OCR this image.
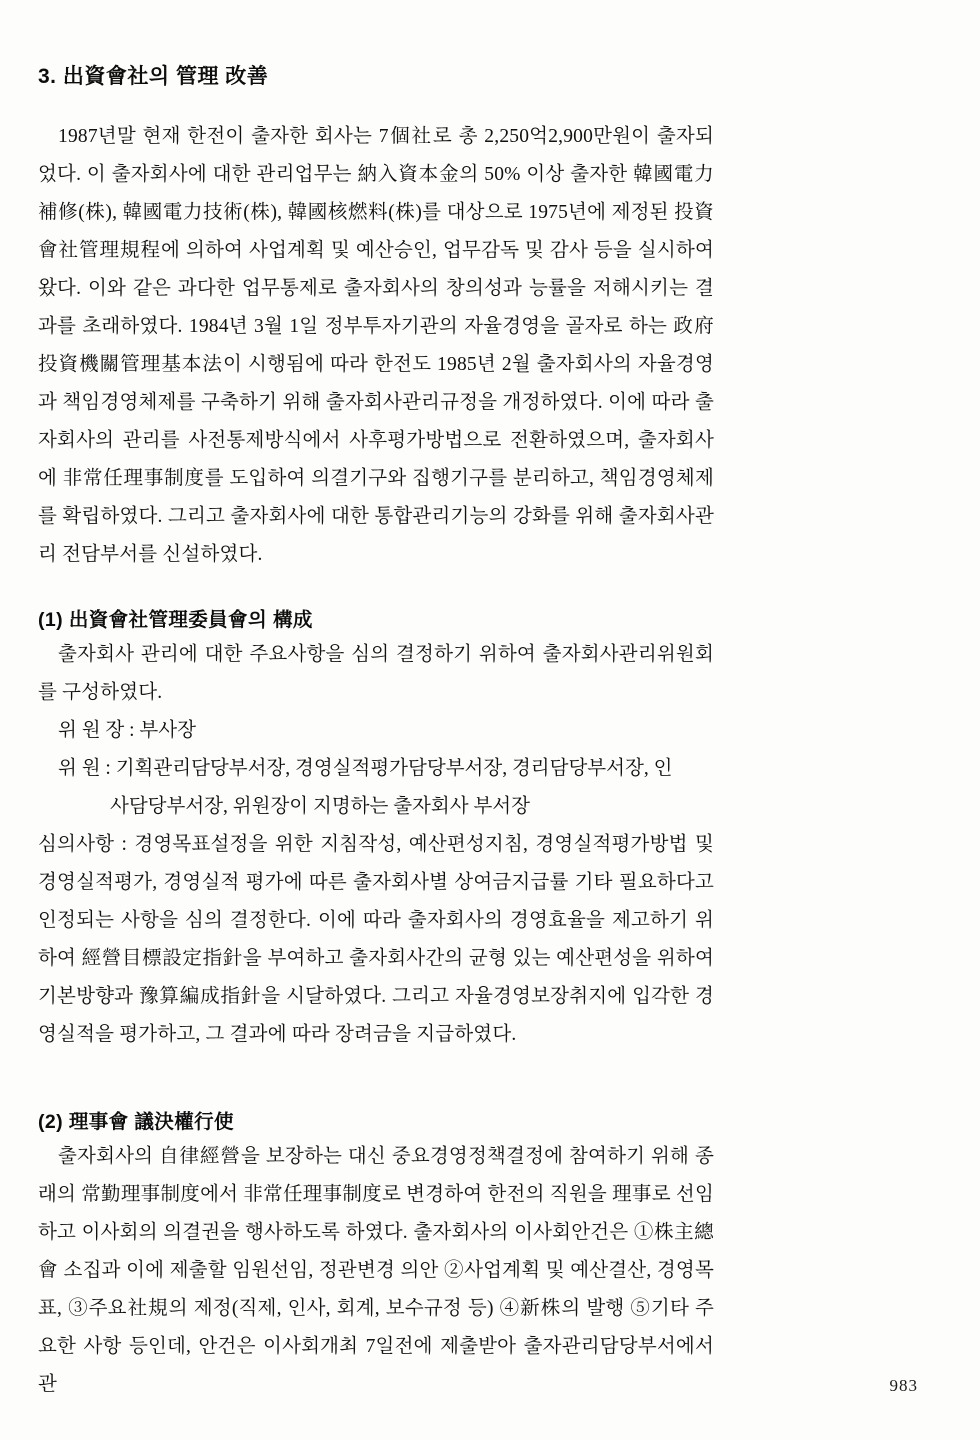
3. 出資會社의 管理 改善

1987년말 현재 한전이 출자한 회사는 7個社로 총 2,250억2,900만원이 출자되었다. 이 출자회사에 대한 관리업무는 納入資本金의 50% 이상 출자한 韓國電力補修(株), 韓國電力技術(株), 韓國核燃料(株)를 대상으로 1975년에 제정된 投資會社管理規程에 의하여 사업계획 및 예산승인, 업무감독 및 감사 등을 실시하여 왔다. 이와 같은 과다한 업무통제로 출자회사의 창의성과 능률을 저해시키는 결과를 초래하였다. 1984년 3월 1일 정부투자기관의 자율경영을 골자로 하는 政府投資機關管理基本法이 시행됨에 따라 한전도 1985년 2월 출자회사의 자율경영과 책임경영체제를 구축하기 위해 출자회사관리규정을 개정하였다. 이에 따라 출자회사의 관리를 사전통제방식에서 사후평가방법으로 전환하였으며, 출자회사에 非常任理事制度를 도입하여 의결기구와 집행기구를 분리하고, 책임경영체제를 확립하였다. 그리고 출자회사에 대한 통합관리기능의 강화를 위해 출자회사관리 전담부서를 신설하였다.

(1) 出資會社管理委員會의 構成

출자회사 관리에 대한 주요사항을 심의 결정하기 위하여 출자회사관리위원회를 구성하였다.

위 원 장 : 부사장
위 원 : 기획관리담당부서장, 경영실적평가담당부서장, 경리담당부서장, 인
사담당부서장, 위원장이 지명하는 출자회사 부서장

심의사항 : 경영목표설정을 위한 지침작성, 예산편성지침, 경영실적평가방법 및 경영실적평가, 경영실적 평가에 따른 출자회사별 상여금지급률 기타 필요하다고 인정되는 사항을 심의 결정한다. 이에 따라 출자회사의 경영효율을 제고하기 위하여 經營目標設定指針을 부여하고 출자회사간의 균형 있는 예산편성을 위하여 기본방향과 豫算編成指針을 시달하였다. 그리고 자율경영보장취지에 입각한 경영실적을 평가하고, 그 결과에 따라 장려금을 지급하였다.

(2) 理事會 議決權行使

출자회사의 自律經營을 보장하는 대신 중요경영정책결정에 참여하기 위해 종래의 常勤理事制度에서 非常任理事制度로 변경하여 한전의 직원을 理事로 선임하고 이사회의 의결권을 행사하도록 하였다. 출자회사의 이사회안건은 ①株主總會 소집과 이에 제출할 임원선임, 정관변경 의안 ②사업계획 및 예산결산, 경영목표, ③주요社規의 제정(직제, 인사, 회계, 보수규정 등) ④新株의 발행 ⑤기타 주요한 사항 등인데, 안건은 이사회개최 7일전에 제출받아 출자관리담당부서에서 관	983
